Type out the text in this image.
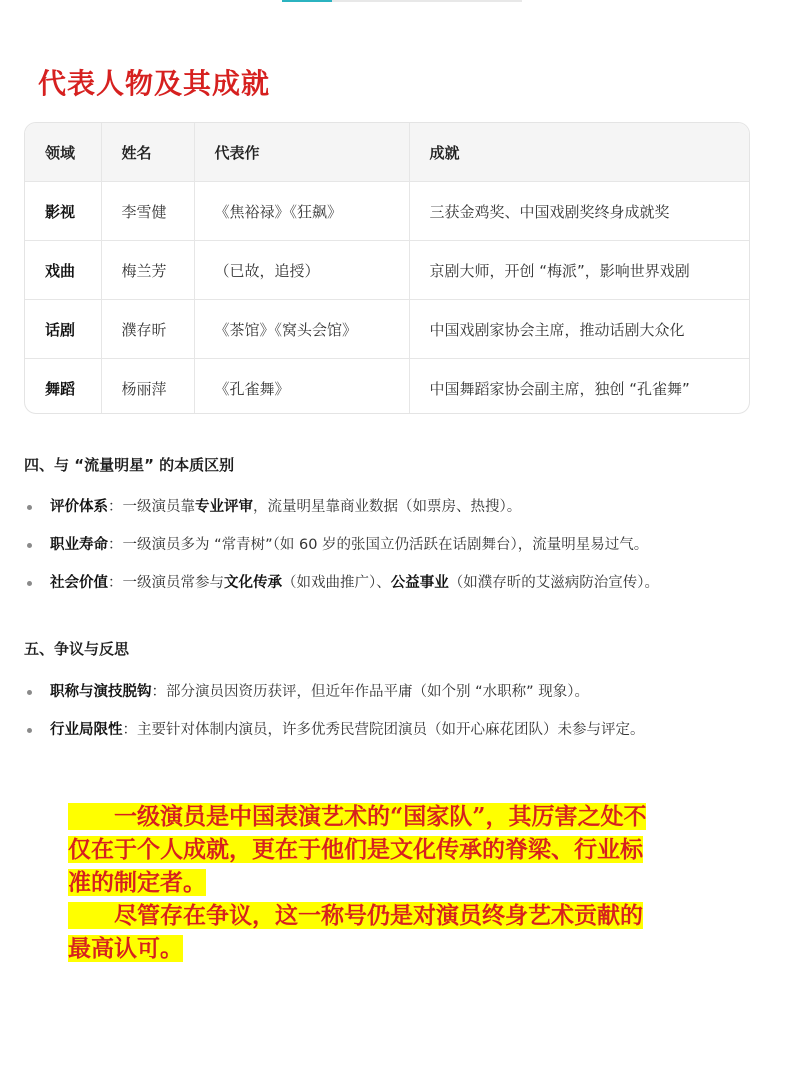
代表人物及其成就
领域	姓名	代表作	成就
影视	李雪健	《焦裕禄》《狂飙》	三获金鸡奖、中国戏剧奖终身成就奖
戏曲	梅兰芳	（已故，追授）	京剧大师，开创 “梅派”，影响世界戏剧
话剧	濮存昕	《茶馆》《窝头会馆》	中国戏剧家协会主席，推动话剧大众化
舞蹈	杨丽萍	《孔雀舞》	中国舞蹈家协会副主席，独创 “孔雀舞”
四、与 “流量明星” 的本质区别
评价体系：一级演员靠专业评审，流量明星靠商业数据（如票房、热搜）。
职业寿命：一级演员多为 “常青树”（如 60 岁的张国立仍活跃在话剧舞台），流量明星易过气。
社会价值：一级演员常参与文化传承（如戏曲推广）、公益事业（如濮存昕的艾滋病防治宣传）。
五、争议与反思
职称与演技脱钩：部分演员因资历获评，但近年作品平庸（如个别 “水职称” 现象）。
行业局限性：主要针对体制内演员，许多优秀民营院团演员（如开心麻花团队）未参与评定。

　　一级演员是中国表演艺术的“国家队”，其厉害之处不

仅在于个人成就，更在于他们是文化传承的脊梁、行业标

准的制定者。

　　尽管存在争议，这一称号仍是对演员终身艺术贡献的

最高认可。
